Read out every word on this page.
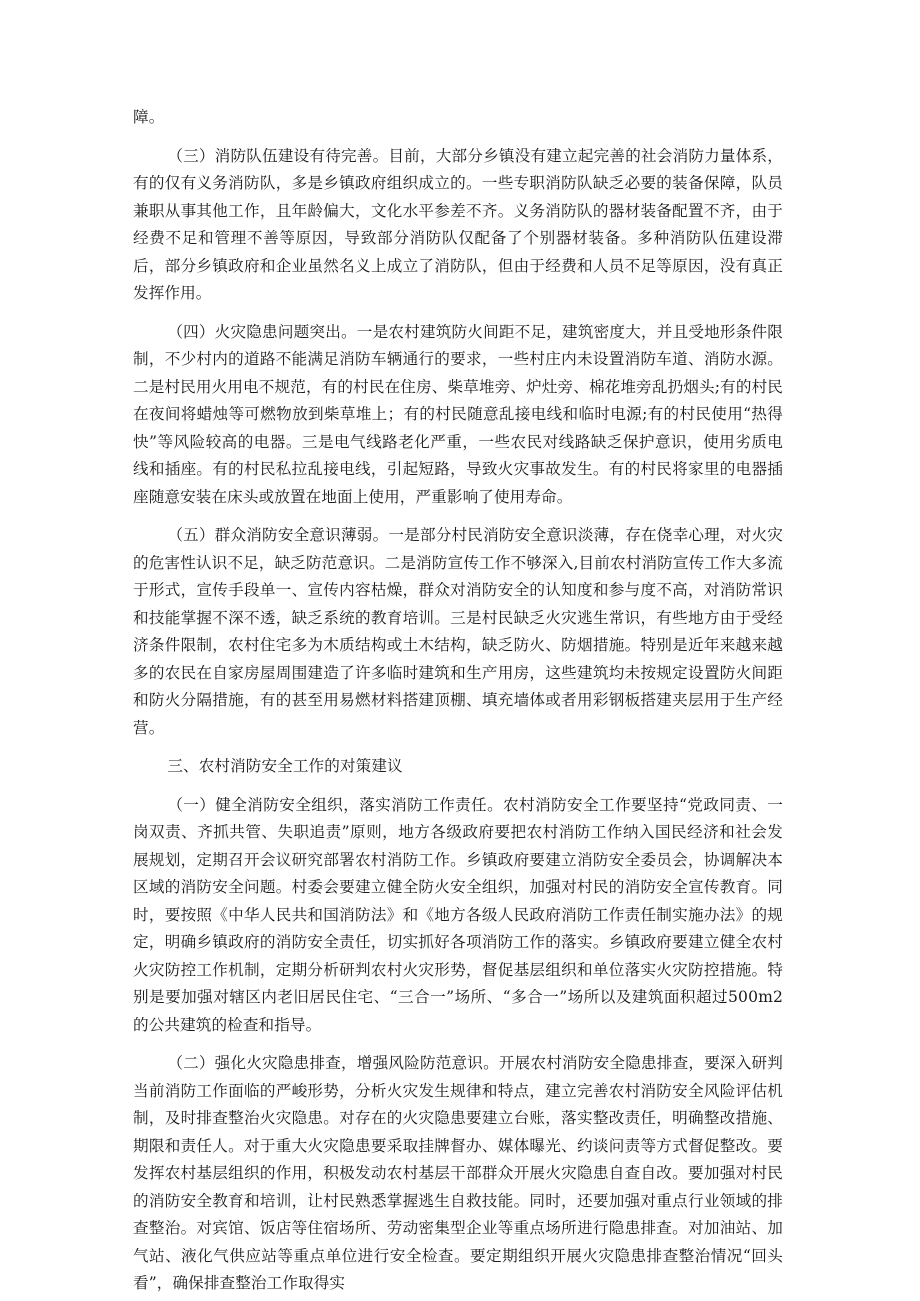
障。

（三）消防队伍建设有待完善。目前，大部分乡镇没有建立起完善的社会消防力量体系，有的仅有义务消防队，多是乡镇政府组织成立的。一些专职消防队缺乏必要的装备保障，队员兼职从事其他工作，且年龄偏大，文化水平参差不齐。义务消防队的器材装备配置不齐，由于经费不足和管理不善等原因，导致部分消防队仅配备了个别器材装备。多种消防队伍建设滞后，部分乡镇政府和企业虽然名义上成立了消防队，但由于经费和人员不足等原因，没有真正发挥作用。

（四）火灾隐患问题突出。一是农村建筑防火间距不足，建筑密度大，并且受地形条件限制，不少村内的道路不能满足消防车辆通行的要求，一些村庄内未设置消防车道、消防水源。二是村民用火用电不规范，有的村民在住房、柴草堆旁、炉灶旁、棉花堆旁乱扔烟头;有的村民在夜间将蜡烛等可燃物放到柴草堆上；有的村民随意乱接电线和临时电源;有的村民使用“热得快”等风险较高的电器。三是电气线路老化严重，一些农民对线路缺乏保护意识，使用劣质电线和插座。有的村民私拉乱接电线，引起短路，导致火灾事故发生。有的村民将家里的电器插座随意安装在床头或放置在地面上使用，严重影响了使用寿命。

（五）群众消防安全意识薄弱。一是部分村民消防安全意识淡薄，存在侥幸心理，对火灾的危害性认识不足，缺乏防范意识。二是消防宣传工作不够深入,目前农村消防宣传工作大多流于形式，宣传手段单一、宣传内容枯燥，群众对消防安全的认知度和参与度不高，对消防常识和技能掌握不深不透，缺乏系统的教育培训。三是村民缺乏火灾逃生常识，有些地方由于受经济条件限制，农村住宅多为木质结构或土木结构，缺乏防火、防烟措施。特别是近年来越来越多的农民在自家房屋周围建造了许多临时建筑和生产用房，这些建筑均未按规定设置防火间距和防火分隔措施，有的甚至用易燃材料搭建顶棚、填充墙体或者用彩钢板搭建夹层用于生产经营。

三、农村消防安全工作的对策建议

（一）健全消防安全组织，落实消防工作责任。农村消防安全工作要坚持“党政同责、一岗双责、齐抓共管、失职追责”原则，地方各级政府要把农村消防工作纳入国民经济和社会发展规划，定期召开会议研究部署农村消防工作。乡镇政府要建立消防安全委员会，协调解决本区域的消防安全问题。村委会要建立健全防火安全组织，加强对村民的消防安全宣传教育。同时，要按照《中华人民共和国消防法》和《地方各级人民政府消防工作责任制实施办法》的规定，明确乡镇政府的消防安全责任，切实抓好各项消防工作的落实。乡镇政府要建立健全农村火灾防控工作机制，定期分析研判农村火灾形势，督促基层组织和单位落实火灾防控措施。特别是要加强对辖区内老旧居民住宅、“三合一”场所、“多合一”场所以及建筑面积超过500m2的公共建筑的检查和指导。

（二）强化火灾隐患排查，增强风险防范意识。开展农村消防安全隐患排查，要深入研判当前消防工作面临的严峻形势，分析火灾发生规律和特点，建立完善农村消防安全风险评估机制，及时排查整治火灾隐患。对存在的火灾隐患要建立台账，落实整改责任，明确整改措施、期限和责任人。对于重大火灾隐患要采取挂牌督办、媒体曝光、约谈问责等方式督促整改。要发挥农村基层组织的作用，积极发动农村基层干部群众开展火灾隐患自查自改。要加强对村民的消防安全教育和培训，让村民熟悉掌握逃生自救技能。同时，还要加强对重点行业领域的排查整治。对宾馆、饭店等住宿场所、劳动密集型企业等重点场所进行隐患排查。对加油站、加气站、液化气供应站等重点单位进行安全检查。要定期组织开展火灾隐患排查整治情况“回头看”，确保排查整治工作取得实
